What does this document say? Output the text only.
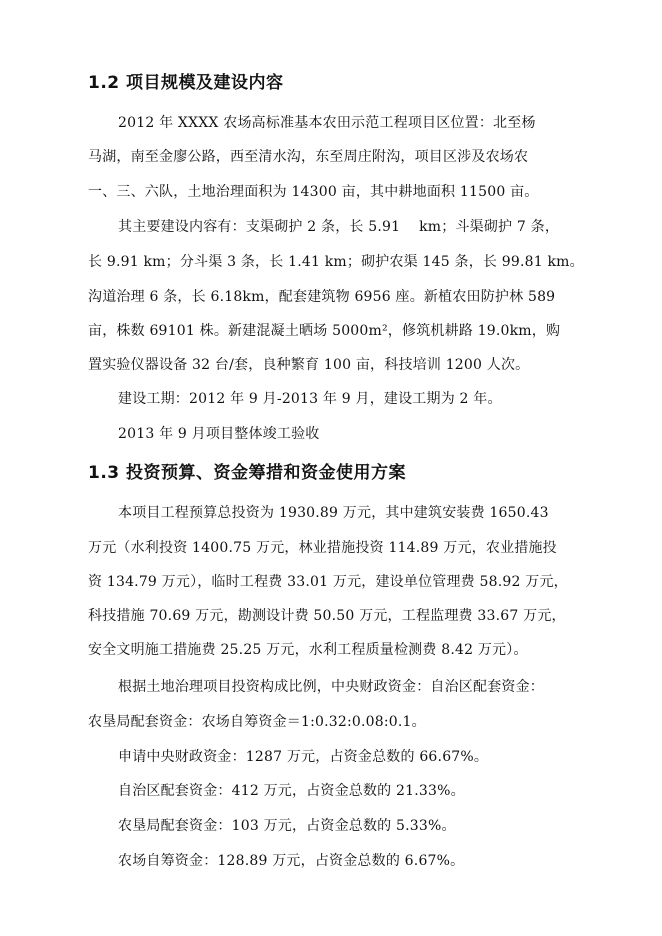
1.2 项目规模及建设内容
2012 年 XXXX 农场高标准基本农田示范工程项目区位置：北至杨
马湖，南至金廖公路，西至清水沟，东至周庄附沟，项目区涉及农场农
一、三、六队，土地治理面积为 14300 亩，其中耕地面积 11500 亩。
其主要建设内容有：支渠砌护 2 条，长 5.91 　km；斗渠砌护 7 条，
长 9.91 km；分斗渠 3 条，长 1.41 km；砌护农渠 145 条，长 99.81 km。
沟道治理 6 条，长 6.18km，配套建筑物 6956 座。新植农田防护林 589
亩，株数 69101 株。新建混凝土晒场 5000m²，修筑机耕路 19.0km，购
置实验仪器设备 32 台/套，良种繁育 100 亩，科技培训 1200 人次。
建设工期：2012 年 9 月-2013 年 9 月，建设工期为 2 年。
2013 年 9 月项目整体竣工验收
1.3 投资预算、资金筹措和资金使用方案
本项目工程预算总投资为 1930.89 万元，其中建筑安装费 1650.43
万元（水利投资 1400.75 万元，林业措施投资 114.89 万元，农业措施投
资 134.79 万元），临时工程费 33.01 万元，建设单位管理费 58.92 万元，
科技措施 70.69 万元，勘测设计费 50.50 万元，工程监理费 33.67 万元，
安全文明施工措施费 25.25 万元，水利工程质量检测费 8.42 万元）。
根据土地治理项目投资构成比例，中央财政资金：自治区配套资金：
农垦局配套资金：农场自筹资金＝1:0.32:0.08:0.1。
申请中央财政资金：1287 万元，占资金总数的 66.67%。
自治区配套资金：412 万元，占资金总数的 21.33%。
农垦局配套资金：103 万元，占资金总数的 5.33%。
农场自筹资金：128.89 万元，占资金总数的 6.67%。
